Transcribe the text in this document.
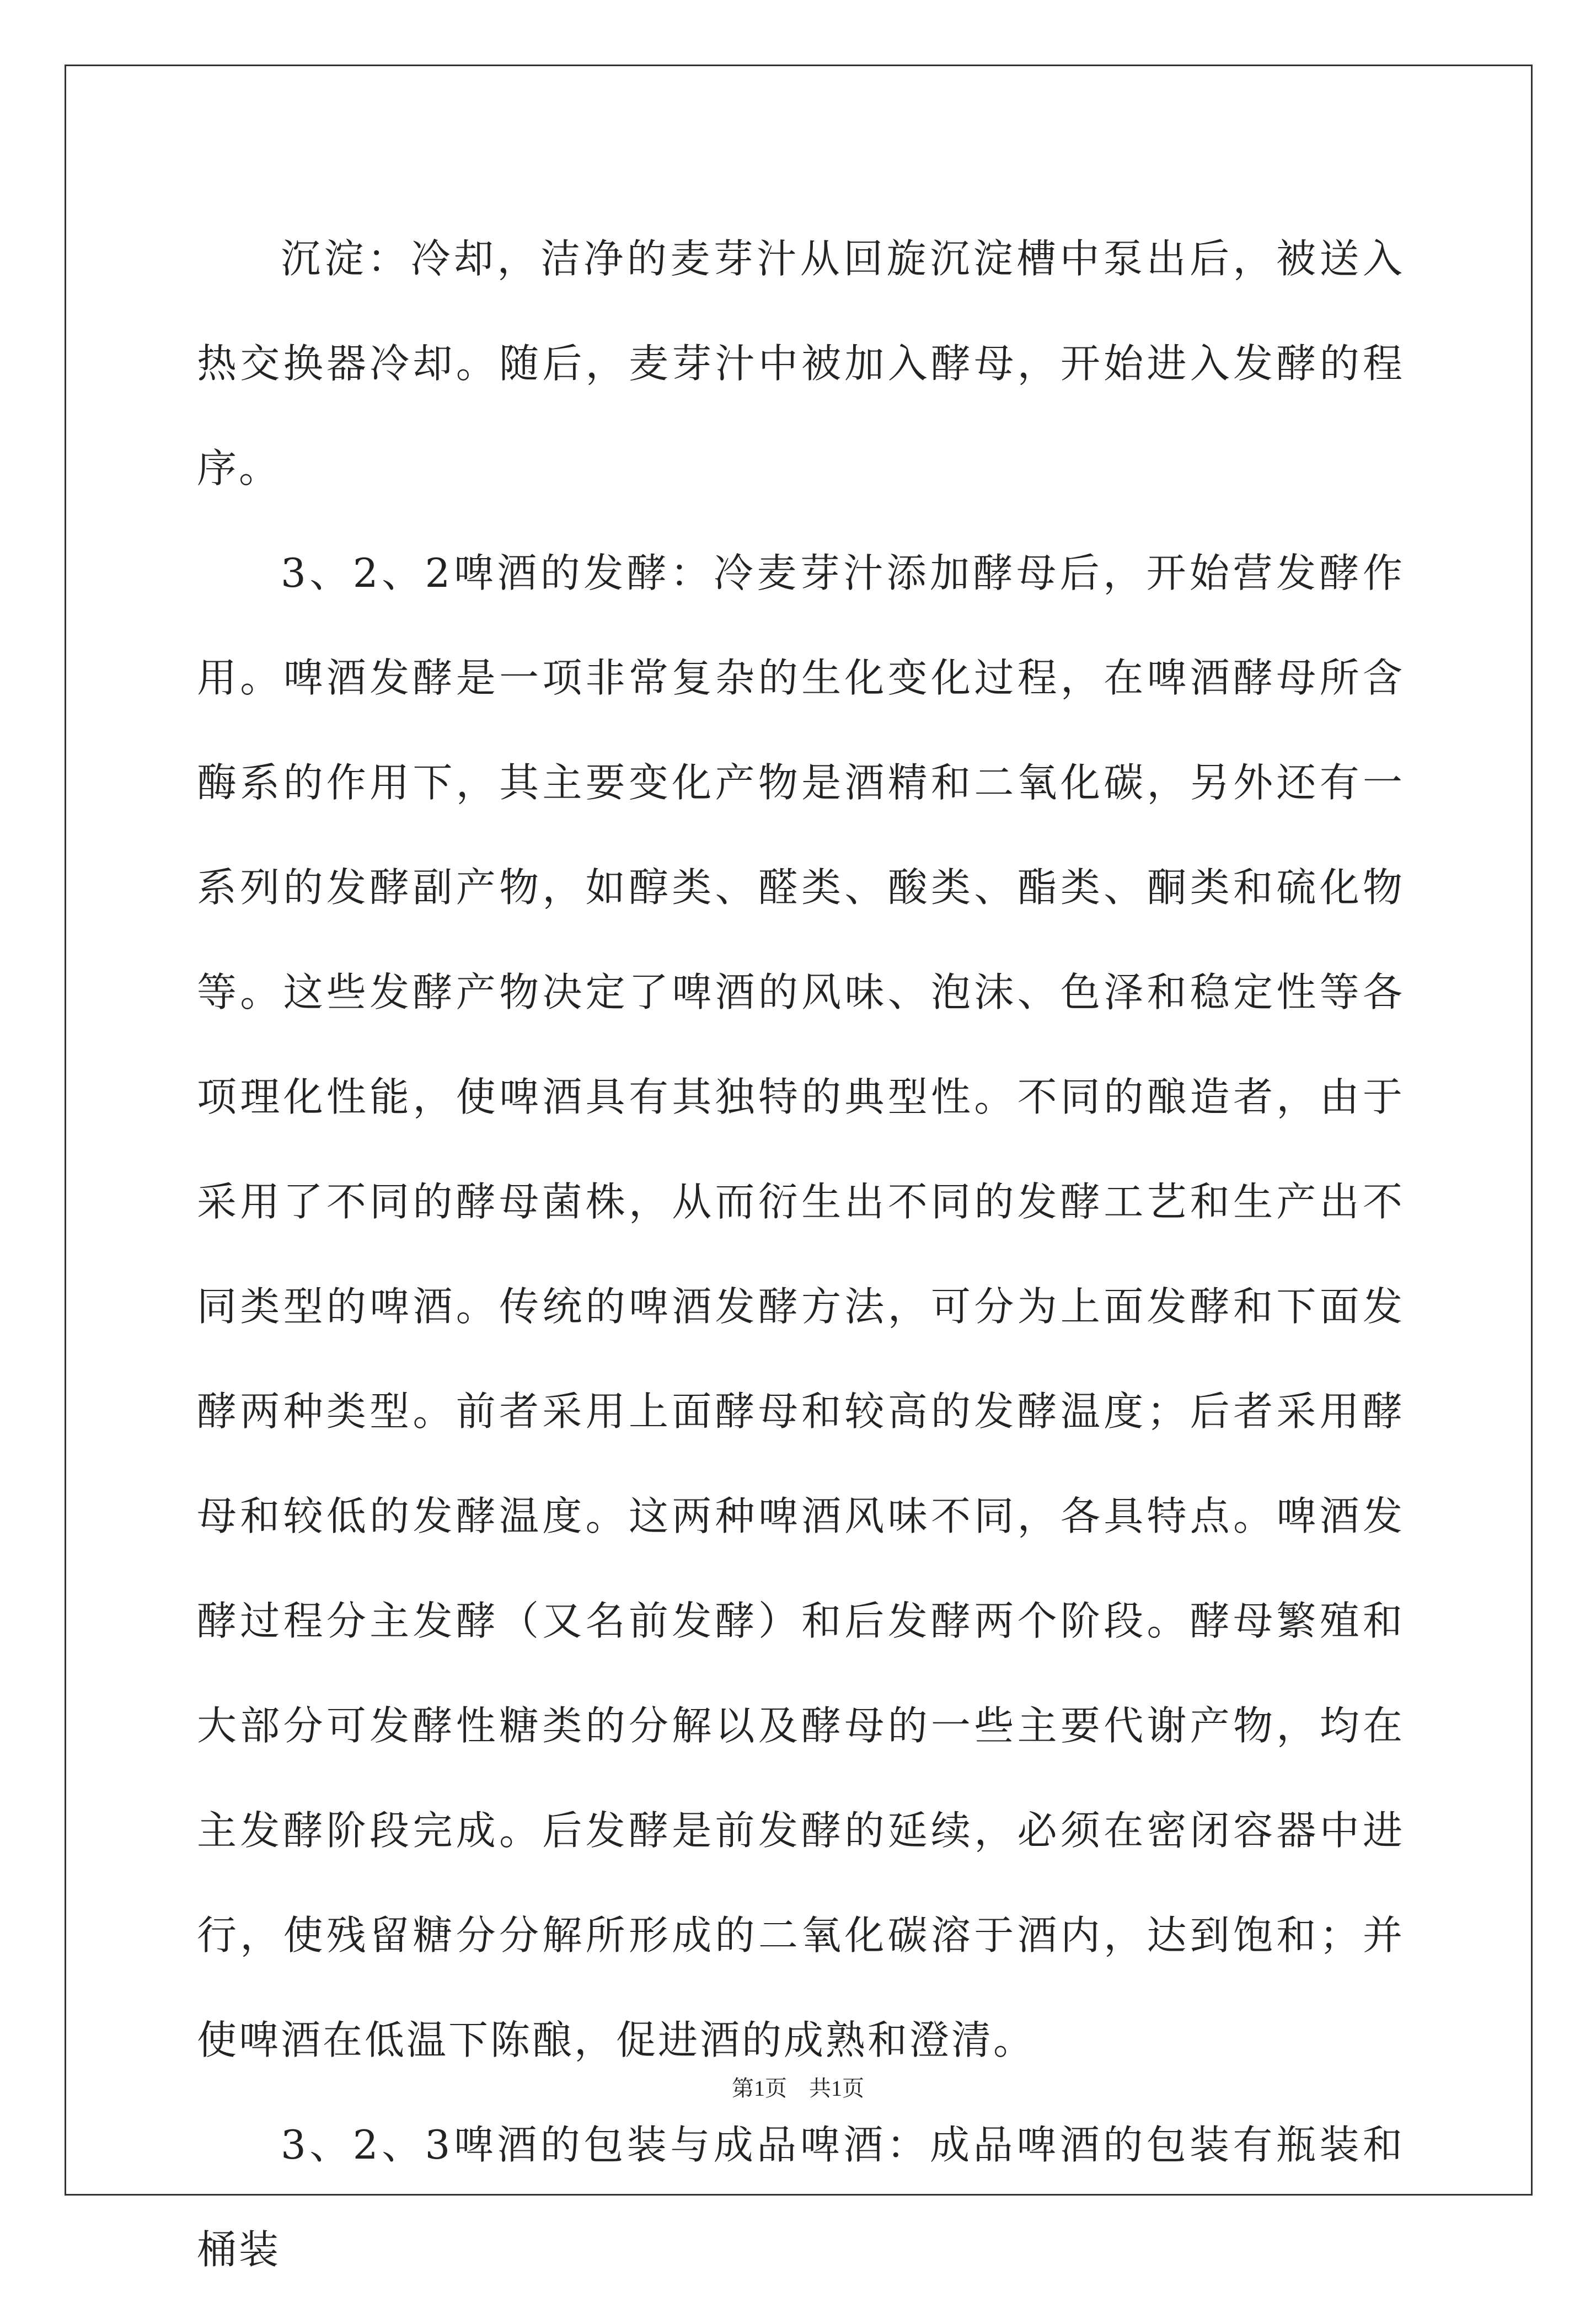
沉淀：冷却，洁净的麦芽汁从回旋沉淀槽中泵出后，被送入热交换器冷却。随后，麦芽汁中被加入酵母，开始进入发酵的程序。

3、2、2啤酒的发酵：冷麦芽汁添加酵母后，开始营发酵作用。啤酒发酵是一项非常复杂的生化变化过程，在啤酒酵母所含酶系的作用下，其主要变化产物是酒精和二氧化碳，另外还有一系列的发酵副产物，如醇类、醛类、酸类、酯类、酮类和硫化物等。这些发酵产物决定了啤酒的风味、泡沫、色泽和稳定性等各项理化性能，使啤酒具有其独特的典型性。不同的酿造者，由于采用了不同的酵母菌株，从而衍生出不同的发酵工艺和生产出不同类型的啤酒。传统的啤酒发酵方法，可分为上面发酵和下面发酵两种类型。前者采用上面酵母和较高的发酵温度；后者采用酵母和较低的发酵温度。这两种啤酒风味不同，各具特点。啤酒发酵过程分主发酵（又名前发酵）和后发酵两个阶段。酵母繁殖和大部分可发酵性糖类的分解以及酵母的一些主要代谢产物，均在主发酵阶段完成。后发酵是前发酵的延续，必须在密闭容器中进行，使残留糖分分解所形成的二氧化碳溶于酒内，达到饱和；并使啤酒在低温下陈酿，促进酒的成熟和澄清。

3、2、3啤酒的包装与成品啤酒：成品啤酒的包装有瓶装和桶装

第1页 共1页
